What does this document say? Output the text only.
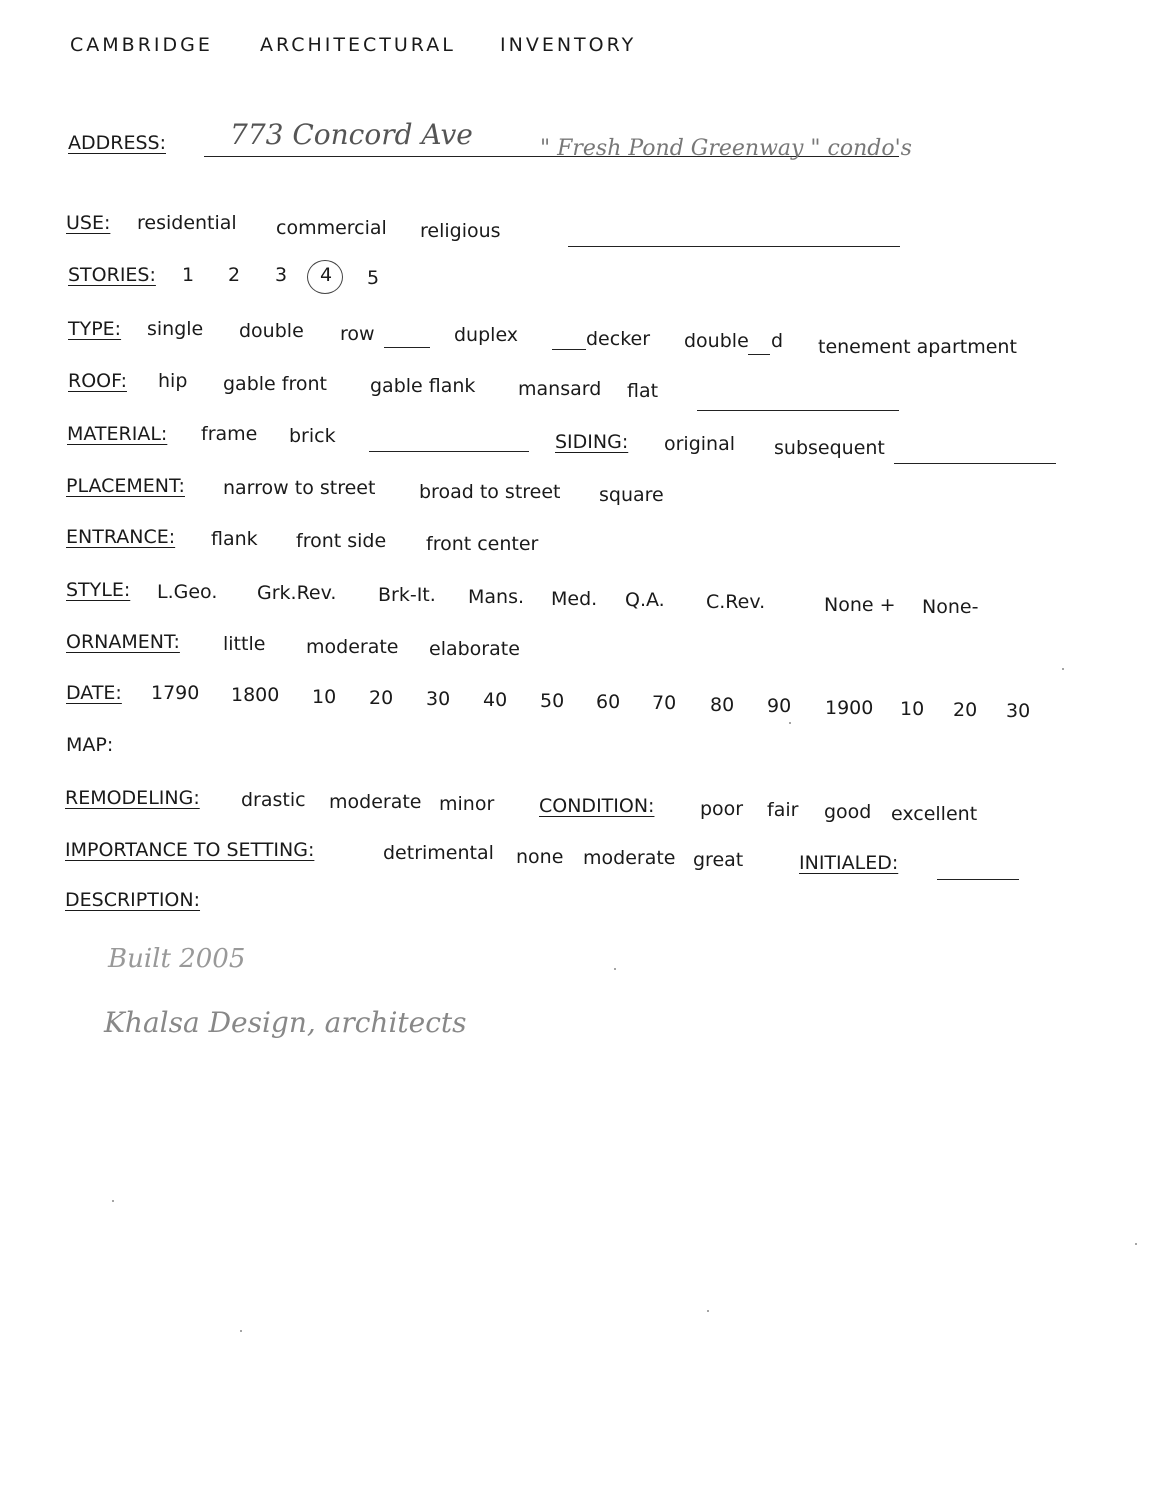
CAMBRIDGE ARCHITECTURAL INVENTORY
ADDRESS: 773 Concord Ave	" Fresh Pond Greenway " condo's
USE: residential commercial religious
STORIES: 1 2 3 4 5
TYPE: single double row	duplex	decker double d tenement apartment
ROOF: hip gable front gable flank mansard flat
MATERIAL: frame brick	SIDING: original subsequent
PLACEMENT: narrow to street broad to street square
ENTRANCE: flank front side front center
STYLE: L.Geo. Grk.Rev. Brk-It. Mans. Med. Q.A. C.Rev.	None + None-
ORNAMENT: little moderate elaborate
DATE: 1790 1800 10 20 30 40 50 60 70 80 90 1900 10 20 30
MAP:
REMODELING: drastic moderate minor CONDITION: poor fair good excellent
IMPORTANCE TO SETTING:	detrimental none moderate great	INITIALED:
DESCRIPTION:
Built 2005
Khalsa Design, architects
